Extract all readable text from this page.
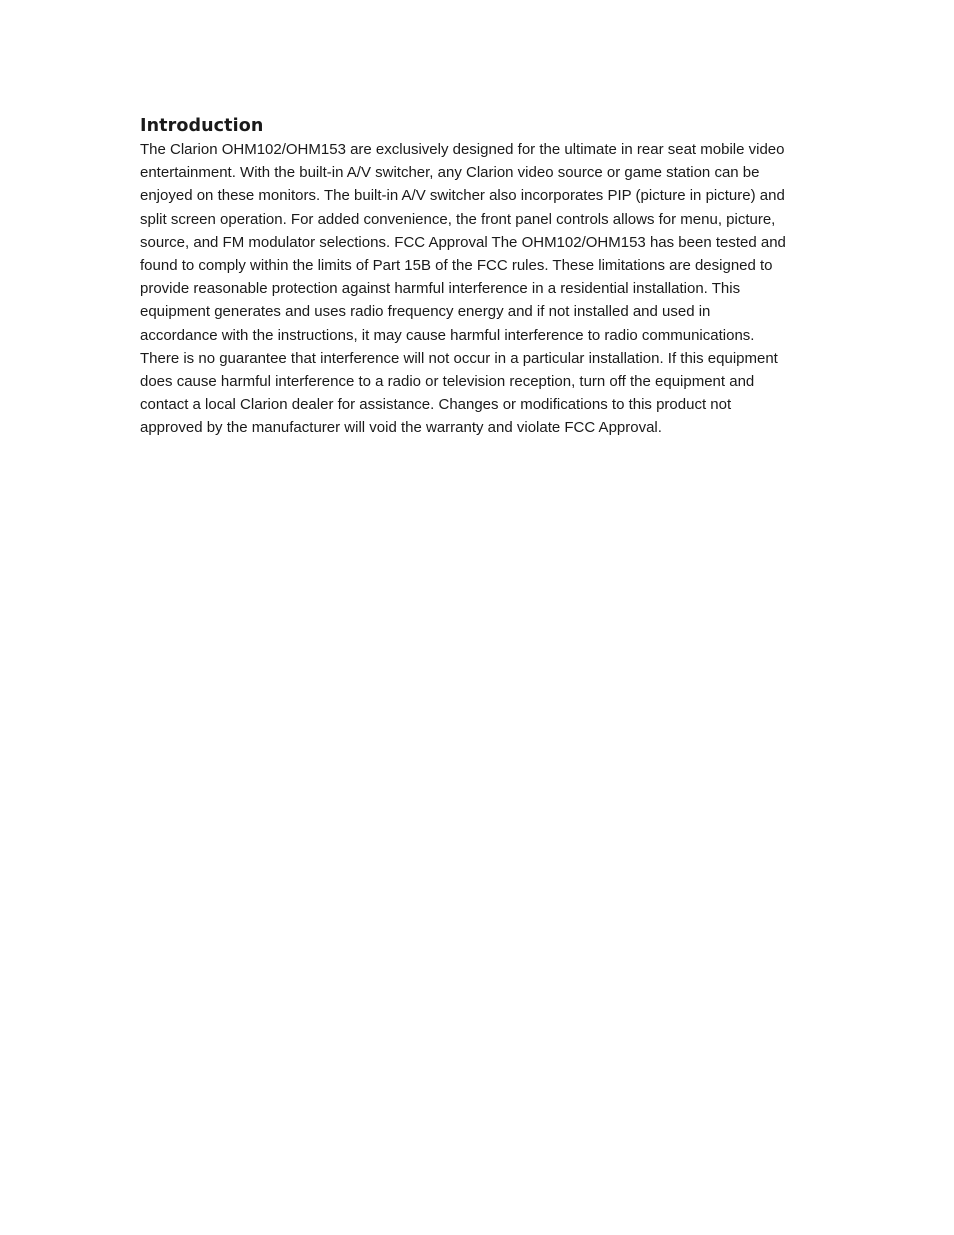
Introduction

The Clarion OHM102/OHM153 are exclusively designed for the ultimate in rear seat mobile video
entertainment. With the built-in A/V switcher, any Clarion video source or game station can be
enjoyed on these monitors. The built-in A/V switcher also incorporates PIP (picture in picture) and
split screen operation. For added convenience, the front panel controls allows for menu, picture,
source, and FM modulator selections. FCC Approval The OHM102/OHM153 has been tested and
found to comply within the limits of Part 15B of the FCC rules. These limitations are designed to
provide reasonable protection against harmful interference in a residential installation. This
equipment generates and uses radio frequency energy and if not installed and used in
accordance with the instructions, it may cause harmful interference to radio communications.
There is no guarantee that interference will not occur in a particular installation. If this equipment
does cause harmful interference to a radio or television reception, turn off the equipment and
contact a local Clarion dealer for assistance. Changes or modifications to this product not
approved by the manufacturer will void the warranty and violate FCC Approval.
